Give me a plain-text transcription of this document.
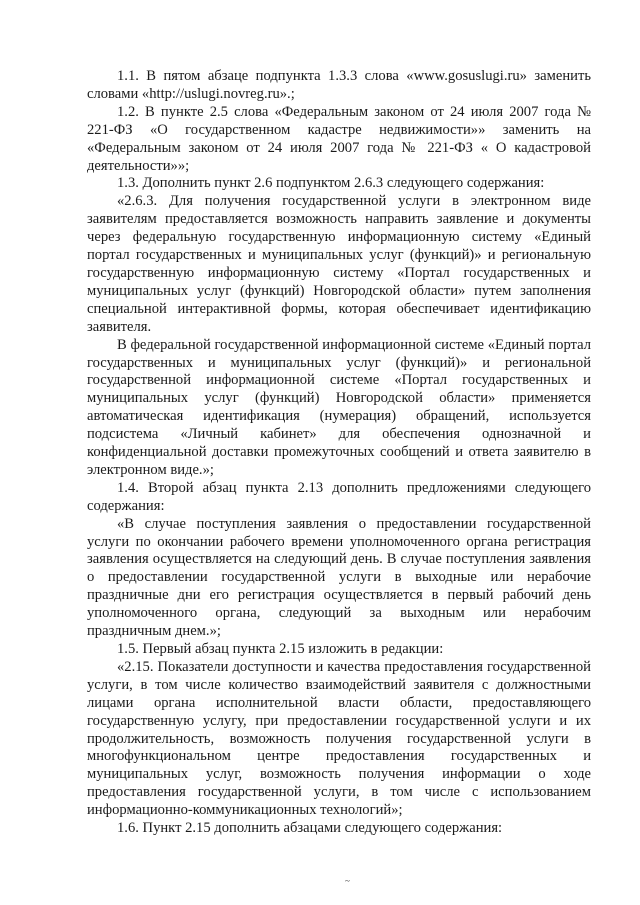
1.1. В пятом абзаце подпункта 1.3.3 слова «www.gosuslugi.ru» заменить словами «http://uslugi.novreg.ru».;

1.2. В пункте 2.5 слова «Федеральным законом от 24 июля 2007 года № 221-ФЗ «О государственном кадастре недвижимости»» заменить на «Федеральным законом от 24 июля 2007 года № 221-ФЗ « О кадастровой деятельности»»;

1.3. Дополнить пункт 2.6 подпунктом 2.6.3 следующего содержания:

«2.6.3. Для получения государственной услуги в электронном виде заявителям предоставляется возможность направить заявление и документы через федеральную государственную информационную систему «Единый портал государственных и муниципальных услуг (функций)» и региональную государственную информационную систему «Портал государственных и муниципальных услуг (функций) Новгородской области» путем заполнения специальной интерактивной формы, которая обеспечивает идентификацию заявителя.

В федеральной государственной информационной системе «Единый портал государственных и муниципальных услуг (функций)» и региональной государственной информационной системе «Портал государственных и муниципальных услуг (функций) Новгородской области» применяется автоматическая идентификация (нумерация) обращений, используется подсистема «Личный кабинет» для обеспечения однозначной и конфиденциальной доставки промежуточных сообщений и ответа заявителю в электронном виде.»;

1.4. Второй абзац пункта 2.13 дополнить предложениями следующего содержания:

«В случае поступления заявления о предоставлении государственной услуги по окончании рабочего времени уполномоченного органа регистрация заявления осуществляется на следующий день. В случае поступления заявления о предоставлении государственной услуги в выходные или нерабочие праздничные дни его регистрация осуществляется в первый рабочий день уполномоченного органа, следующий за выходным или нерабочим праздничным днем.»;

1.5. Первый абзац пункта 2.15 изложить в редакции:

«2.15. Показатели доступности и качества предоставления государственной услуги, в том числе количество взаимодействий заявителя с должностными лицами органа исполнительной власти области, предоставляющего государственную услугу, при предоставлении государственной услуги и их продолжительность, возможность получения государственной услуги в многофункциональном центре предоставления государственных и муниципальных услуг, возможность получения информации о ходе предоставления государственной услуги, в том числе с использованием информационно-коммуникационных технологий»;

1.6. Пункт 2.15 дополнить абзацами следующего содержания:

~
